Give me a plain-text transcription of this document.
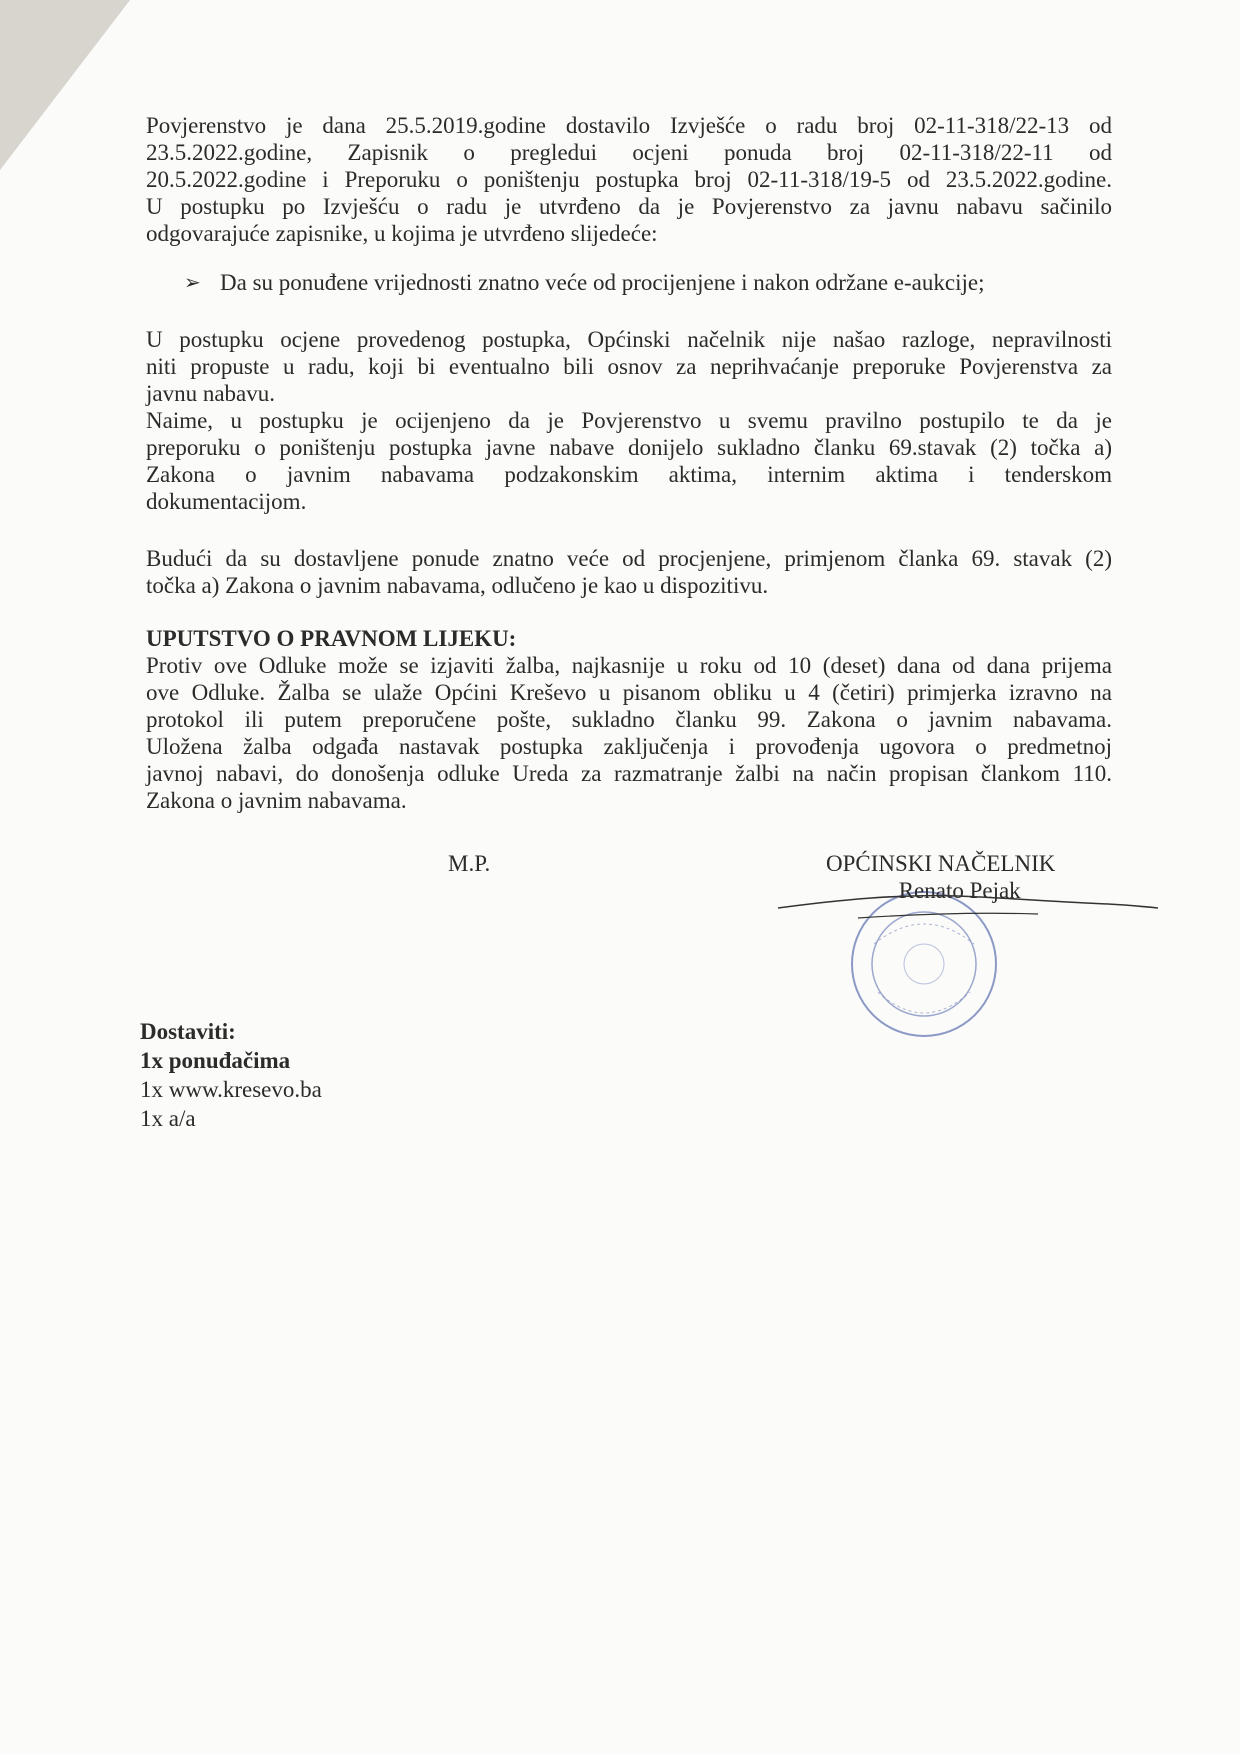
Povjerenstvo je dana 25.5.2019.godine dostavilo Izvješće o radu broj 02-11-318/22-13 od
23.5.2022.godine, Zapisnik o pregledui ocjeni ponuda broj 02-11-318/22-11 od
20.5.2022.godine i Preporuku o poništenju postupka broj 02-11-318/19-5 od 23.5.2022.godine.
U postupku po Izvješću o radu je utvrđeno da je Povjerenstvo za javnu nabavu sačinilo
odgovarajuće zapisnike, u kojima je utvrđeno slijedeće:

➢ Da su ponuđene vrijednosti znatno veće od procijenjene i nakon održane e-aukcije;

U postupku ocjene provedenog postupka, Općinski načelnik nije našao razloge, nepravilnosti
niti propuste u radu, koji bi eventualno bili osnov za neprihvaćanje preporuke Povjerenstva za
javnu nabavu.
Naime, u postupku je ocijenjeno da je Povjerenstvo u svemu pravilno postupilo te da je
preporuku o poništenju postupka javne nabave donijelo sukladno članku 69.stavak (2) točka a)
Zakona o javnim nabavama podzakonskim aktima, internim aktima i tenderskom
dokumentacijom.

Budući da su dostavljene ponude znatno veće od procjenjene, primjenom članka 69. stavak (2)
točka a) Zakona o javnim nabavama, odlučeno je kao u dispozitivu.

UPUTSTVO O PRAVNOM LIJEKU:

Protiv ove Odluke može se izjaviti žalba, najkasnije u roku od 10 (deset) dana od dana prijema
ove Odluke. Žalba se ulaže Općini Kreševo u pisanom obliku u 4 (četiri) primjerka izravno na
protokol ili putem preporučene pošte, sukladno članku 99. Zakona o javnim nabavama.
Uložena žalba odgađa nastavak postupka zaključenja i provođenja ugovora o predmetnoj
javnoj nabavi, do donošenja odluke Ureda za razmatranje žalbi na način propisan člankom 110.
Zakona o javnim nabavama.

M.P.	OPĆINSKI NAČELNIK
Renato Pejak
Dostaviti:
1x ponuđačima
1x www.kresevo.ba
1x a/a
